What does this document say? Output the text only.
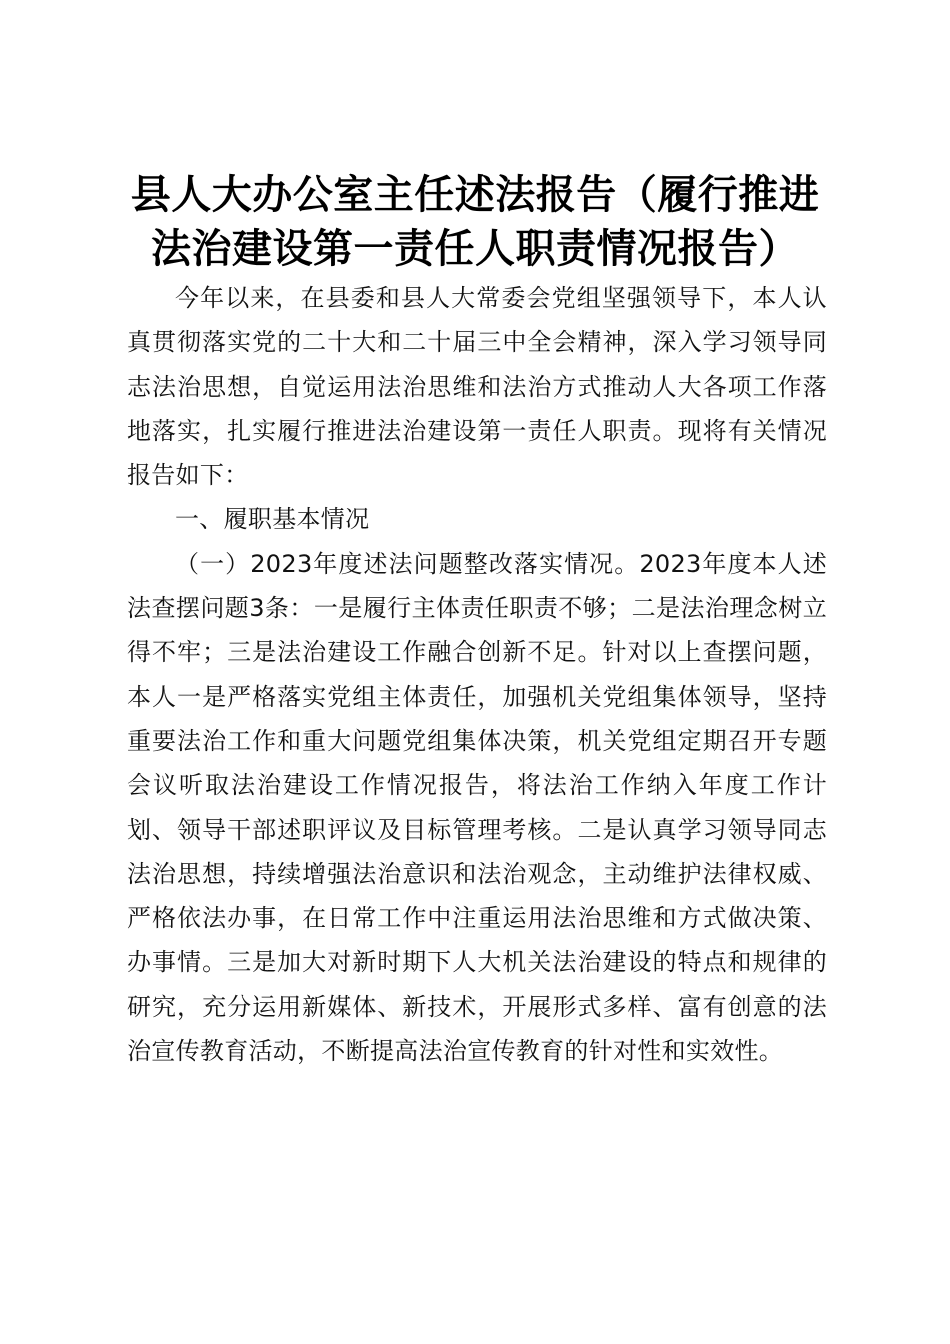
县人大办公室主任述法报告（履行推进
法治建设第一责任人职责情况报告）

今年以来，在县委和县人大常委会党组坚强领导下，本人认真贯彻落实党的二十大和二十届三中全会精神，深入学习领导同志法治思想，自觉运用法治思维和法治方式推动人大各项工作落地落实，扎实履行推进法治建设第一责任人职责。现将有关情况报告如下：

一、履职基本情况

（一）2023年度述法问题整改落实情况。2023年度本人述法查摆问题3条：一是履行主体责任职责不够；二是法治理念树立得不牢；三是法治建设工作融合创新不足。针对以上查摆问题，本人一是严格落实党组主体责任，加强机关党组集体领导，坚持重要法治工作和重大问题党组集体决策，机关党组定期召开专题会议听取法治建设工作情况报告，将法治工作纳入年度工作计划、领导干部述职评议及目标管理考核。二是认真学习领导同志法治思想，持续增强法治意识和法治观念，主动维护法律权威、严格依法办事，在日常工作中注重运用法治思维和方式做决策、办事情。三是加大对新时期下人大机关法治建设的特点和规律的研究，充分运用新媒体、新技术，开展形式多样、富有创意的法治宣传教育活动，不断提高法治宣传教育的针对性和实效性。
